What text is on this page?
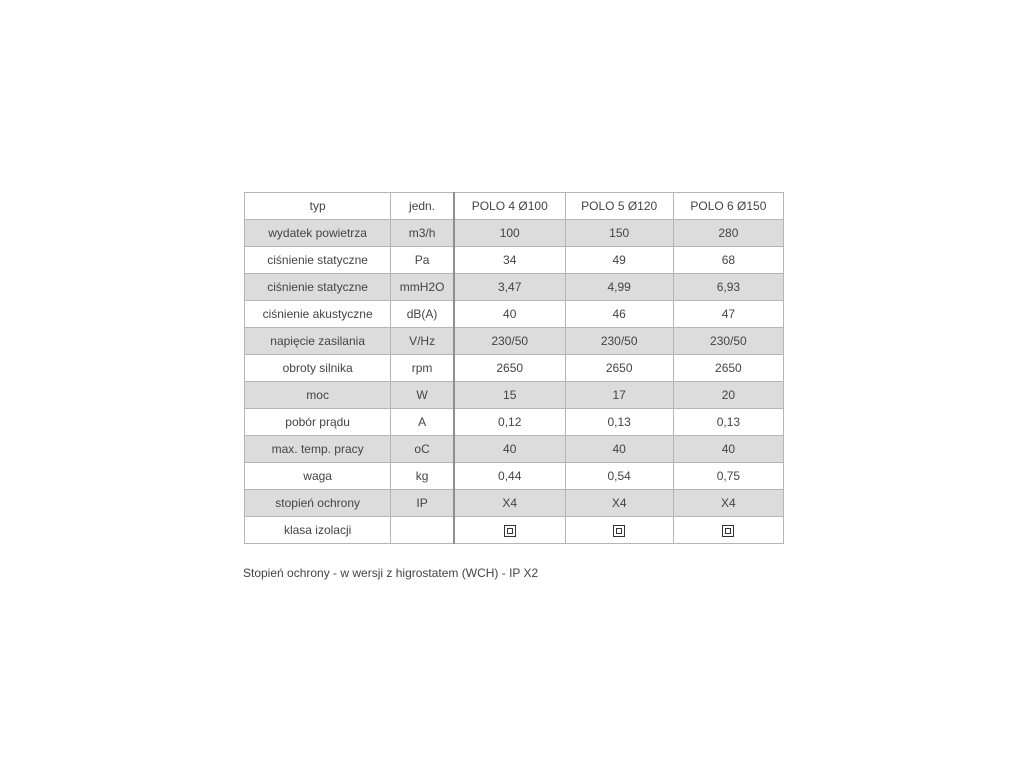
typ	jedn.	POLO 4 Ø100	POLO 5 Ø120	POLO 6 Ø150
wydatek powietrza	m3/h	100	150	280
ciśnienie statyczne	Pa	34	49	68
ciśnienie statyczne	mmH2O	3,47	4,99	6,93
ciśnienie akustyczne	dB(A)	40	46	47
napięcie zasilania	V/Hz	230/50	230/50	230/50
obroty silnika	rpm	2650	2650	2650
moc	W	15	17	20
pobór prądu	A	0,12	0,13	0,13
max. temp. pracy	oC	40	40	40
waga	kg	0,44	0,54	0,75
stopień ochrony	IP	X4	X4	X4
klasa izolacji				
Stopień ochrony - w wersji z higrostatem (WCH) - IP X2
